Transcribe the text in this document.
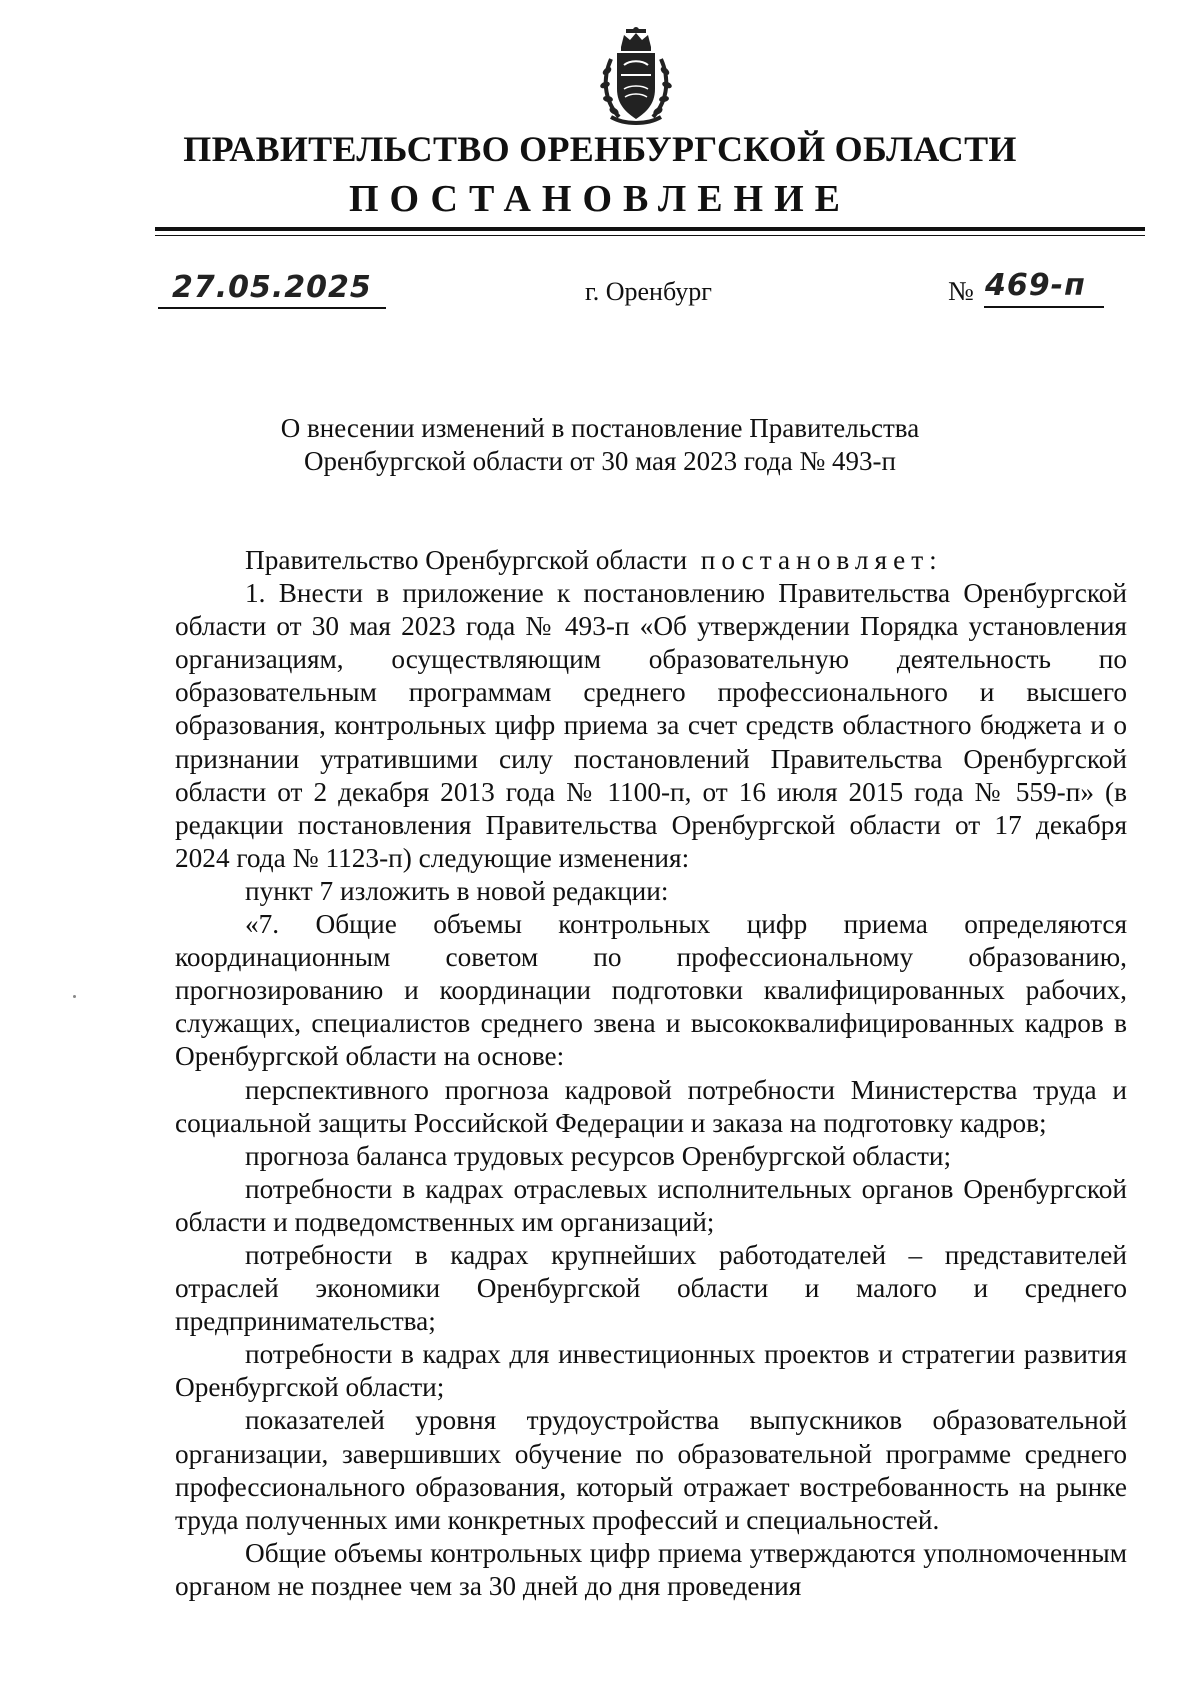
ПРАВИТЕЛЬСТВО ОРЕНБУРГСКОЙ ОБЛАСТИ
ПОСТАНОВЛЕНИЕ
27.05.2025	г. Оренбург	№ 469-п
О внесении изменений в постановление Правительства
Оренбургской области от 30 мая 2023 года № 493-п

Правительство Оренбургской области постановляет:

1. Внести в приложение к постановлению Правительства Оренбургской области от 30 мая 2023 года № 493-п «Об утверждении Порядка установления организациям, осуществляющим образовательную деятельность по образовательным программам среднего профессионального и высшего образования, контрольных цифр приема за счет средств областного бюджета и о признании утратившими силу постановлений Правительства Оренбургской области от 2 декабря 2013 года № 1100-п, от 16 июля 2015 года № 559-п» (в редакции постановления Правительства Оренбургской области от 17 декабря 2024 года № 1123-п) следующие изменения:

пункт 7 изложить в новой редакции:

«7. Общие объемы контрольных цифр приема определяются координационным советом по профессиональному образованию, прогнозированию и координации подготовки квалифицированных рабочих, служащих, специалистов среднего звена и высококвалифицированных кадров в Оренбургской области на основе:

перспективного прогноза кадровой потребности Министерства труда и социальной защиты Российской Федерации и заказа на подготовку кадров;

прогноза баланса трудовых ресурсов Оренбургской области;

потребности в кадрах отраслевых исполнительных органов Оренбургской области и подведомственных им организаций;

потребности в кадрах крупнейших работодателей – представителей отраслей экономики Оренбургской области и малого и среднего предпринимательства;

потребности в кадрах для инвестиционных проектов и стратегии развития Оренбургской области;

показателей уровня трудоустройства выпускников образовательной организации, завершивших обучение по образовательной программе среднего профессионального образования, который отражает востребованность на рынке труда полученных ими конкретных профессий и специальностей.

Общие объемы контрольных цифр приема утверждаются уполномоченным органом не позднее чем за 30 дней до дня проведения
